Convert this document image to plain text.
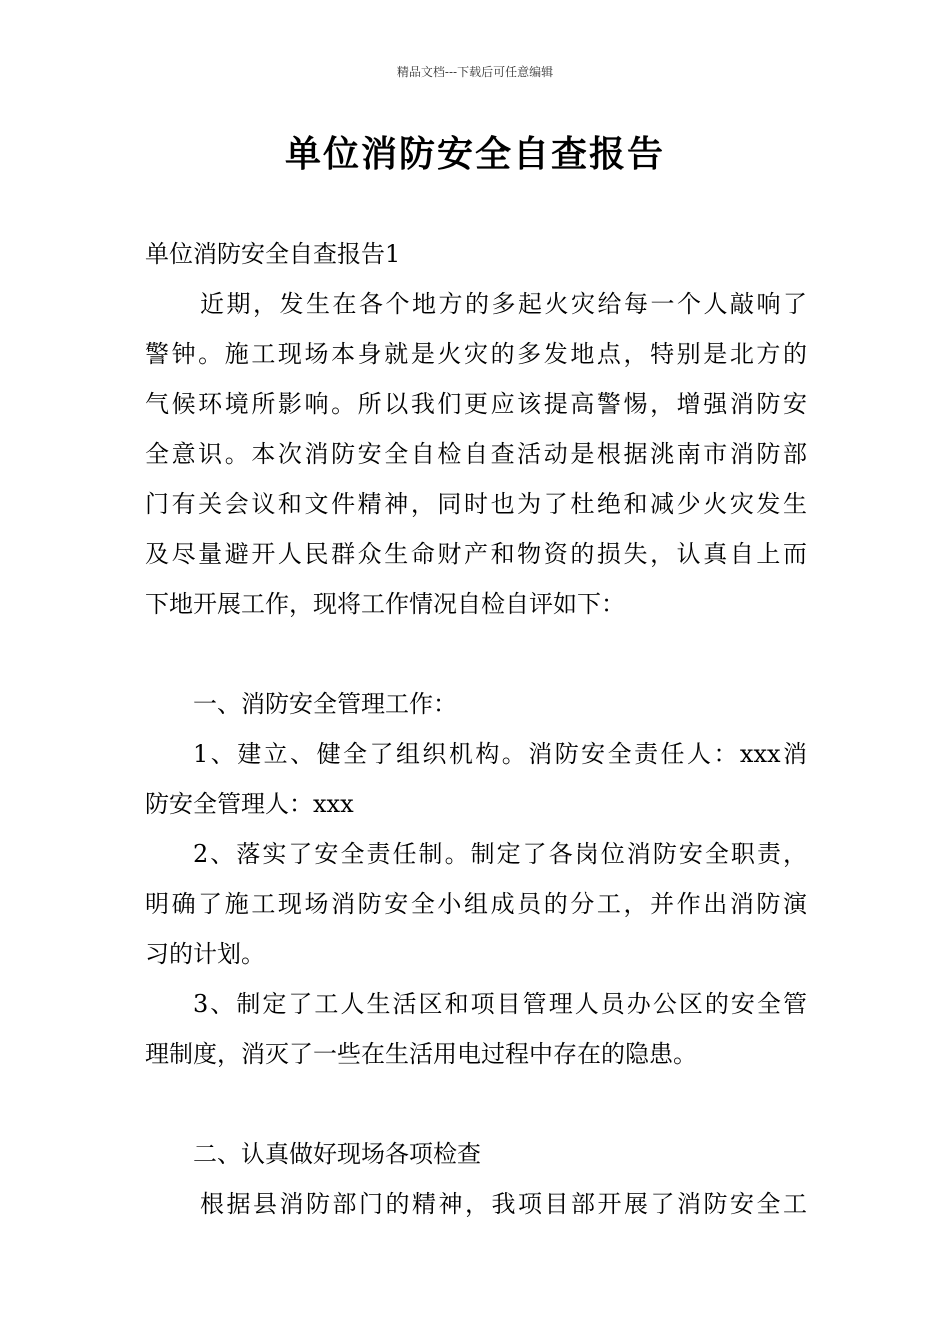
精品文档---下载后可任意编辑
单位消防安全自查报告
单位消防安全自查报告1
近期，发生在各个地方的多起火灾给每一个人敲响了
警钟。施工现场本身就是火灾的多发地点，特别是北方的
气候环境所影响。所以我们更应该提高警惕，增强消防安
全意识。本次消防安全自检自查活动是根据洮南市消防部
门有关会议和文件精神，同时也为了杜绝和减少火灾发生
及尽量避开人民群众生命财产和物资的损失，认真自上而
下地开展工作，现将工作情况自检自评如下：
一、消防安全管理工作：
1、建立、健全了组织机构。消防安全责任人：xxx消
防安全管理人：xxx
2、落实了安全责任制。制定了各岗位消防安全职责，
明确了施工现场消防安全小组成员的分工，并作出消防演
习的计划。
3、制定了工人生活区和项目管理人员办公区的安全管
理制度，消灭了一些在生活用电过程中存在的隐患。
二、认真做好现场各项检查
根据县消防部门的精神，我项目部开展了消防安全工
